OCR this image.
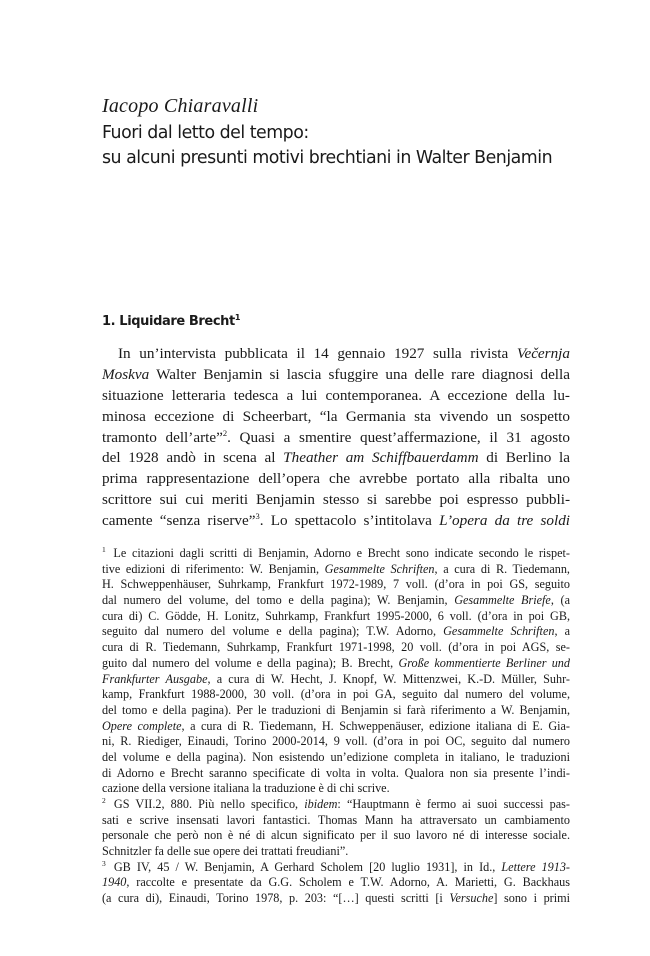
Iacopo Chiaravalli
Fuori dal letto del tempo:
su alcuni presunti motivi brechtiani in Walter Benjamin
1. Liquidare Brecht$^1$
In un’intervista pubblicata il 14 gennaio 1927 sulla rivista Večernja
Moskva Walter Benjamin si lascia sfuggire una delle rare diagnosi della
situazione letteraria tedesca a lui contemporanea. A eccezione della lu-
minosa eccezione di Scheerbart, “la Germania sta vivendo un sospetto
tramonto dell’arte”$^2$. Quasi a smentire quest’affermazione, il 31 agosto
del 1928 andò in scena al Theather am Schiffbauerdamm di Berlino la
prima rappresentazione dell’opera che avrebbe portato alla ribalta uno
scrittore sui cui meriti Benjamin stesso si sarebbe poi espresso pubbli-
camente “senza riserve”$^3$. Lo spettacolo s’intitolava L’opera da tre soldi
$^1$ Le citazioni dagli scritti di Benjamin, Adorno e Brecht sono indicate secondo le rispet-
tive edizioni di riferimento: W. Benjamin, Gesammelte Schriften, a cura di R. Tiedemann,
H. Schweppenhäuser, Suhrkamp, Frankfurt 1972-1989, 7 voll. (d’ora in poi GS, seguito
dal numero del volume, del tomo e della pagina); W. Benjamin, Gesammelte Briefe, (a
cura di) C. Gödde, H. Lonitz, Suhrkamp, Frankfurt 1995-2000, 6 voll. (d’ora in poi GB,
seguito dal numero del volume e della pagina); T.W. Adorno, Gesammelte Schriften, a
cura di R. Tiedemann, Suhrkamp, Frankfurt 1971-1998, 20 voll. (d’ora in poi AGS, se-
guito dal numero del volume e della pagina); B. Brecht, Große kommentierte Berliner und
Frankfurter Ausgabe, a cura di W. Hecht, J. Knopf, W. Mittenzwei, K.-D. Müller, Suhr-
kamp, Frankfurt 1988-2000, 30 voll. (d’ora in poi GA, seguito dal numero del volume,
del tomo e della pagina). Per le traduzioni di Benjamin si farà riferimento a W. Benjamin,
Opere complete, a cura di R. Tiedemann, H. Schweppenäuser, edizione italiana di E. Gia-
ni, R. Riediger, Einaudi, Torino 2000-2014, 9 voll. (d’ora in poi OC, seguito dal numero
del volume e della pagina). Non esistendo un’edizione completa in italiano, le traduzioni
di Adorno e Brecht saranno specificate di volta in volta. Qualora non sia presente l’indi-
cazione della versione italiana la traduzione è di chi scrive.
$^2$ GS VII.2, 880. Più nello specifico, ibidem: “Hauptmann è fermo ai suoi successi pas-
sati e scrive insensati lavori fantastici. Thomas Mann ha attraversato un cambiamento
personale che però non è né di alcun significato per il suo lavoro né di interesse sociale.
Schnitzler fa delle sue opere dei trattati freudiani”.
$^3$ GB IV, 45 / W. Benjamin, A Gerhard Scholem [20 luglio 1931], in Id., Lettere 1913-
1940, raccolte e presentate da G.G. Scholem e T.W. Adorno, A. Marietti, G. Backhaus
(a cura di), Einaudi, Torino 1978, p. 203: “[…] questi scritti [i Versuche] sono i primi
